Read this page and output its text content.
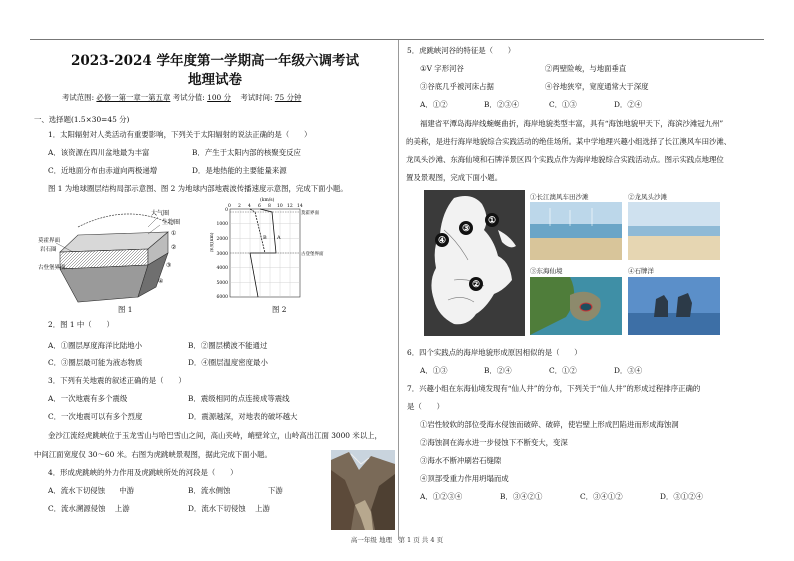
2023-2024 学年度第一学期高一年级六调考试
地理试卷
考试范围: 必修一第一章一第五章 考试分值: 100 分 考试时间: 75 分钟
一、选择题(1.5×30=45 分)
1．太阳辐射对人类活动有重要影响，下列关于太阳辐射的说法正确的是（　　）
A．该资源在四川盆地最为丰富	B．产生于太阳内部的核聚变反应
C．近地面分布由赤道向两极递增	D．是地热能的主要能量来源
图 1 为地球圈层结构局部示意图、图 2 为地球内部地震波传播速度示意图，完成下面小题。
大气圈
生物圈
莫霍界面
岩石圈
古登堡界面
①
②
③
④
图 1
0 2 4 6 8 10 12 14
(km/s)
0
1000
2000
3000
4000
5000
6000
深度(km)
莫霍界面
古登堡界面
A
B
图 2
2．图 1 中（　　）
A．①圈层厚度海洋比陆地小	B．②圈层横波不能通过
C．③圈层最可能为液态物质	D．④圈层温度密度最小
3．下列有关地震的叙述正确的是（　　）
A．一次地震有多个震级	B．震级相同的点连接成等震线
C．一次地震可以有多个烈度	D．震源越深，对地表的破坏越大
金沙江流经虎跳峡位于玉龙雪山与哈巴雪山之间，高山夹峙，峭壁耸立，山岭高出江面 3000 米以上，
中间江面宽度仅 30～60 米。右图为虎跳峡景观图，据此完成下面小题。
4．形成虎跳峡的外力作用及虎跳峡所处的河段是（　　）
A．流水下切侵蚀 中游	B．流水侧蚀	下游
C．流水溯源侵蚀 上游	D．流水下切侵蚀 上游
5．虎跳峡河谷的特征是（　　）
①V 字形河谷	②两壁险峻，与地面垂直
③谷底几乎被河床占据	④谷地狭窄，宽度通常大于深度
A．①②	B．②③④	C．①③	D．②④
福建省平潭岛海岸线蜿蜒曲折，海岸地貌类型丰富，具有“海蚀地貌甲天下，海滨沙滩冠九州”
的美称，是进行海岸地貌综合实践活动的绝佳场所。某中学地理兴趣小组选择了长江澳风车田沙滩、
龙凤头沙滩、东海仙境和石牌洋景区四个实践点作为海岸地貌综合实践活动点。图示实践点地理位
置及景观图，完成下面小题。
④
③
①
②
①长江澳风车田沙滩	②龙凤头沙滩
③东海仙境	④石牌洋
6．四个实践点的海岸地貌形成原因相似的是（　　）
A．①③	B．②④	C．①②	D．③④
7．兴趣小组在东海仙境发现有“仙人井”的分布，下列关于“仙人井”的形成过程排序正确的
是（　　）
①岩性较软的部位受海水侵蚀而破碎、破碎，使岩壁上形成凹陷进而形成海蚀洞
②海蚀洞在海水进一步侵蚀下不断变大，变深
③海水不断冲刷岩石缝隙
④顶部受重力作用坍塌而成
A．①②③④	B．③④②①	C．③④①②	D．③①②④
高一年级 地理　第 1 页 共 4 页
